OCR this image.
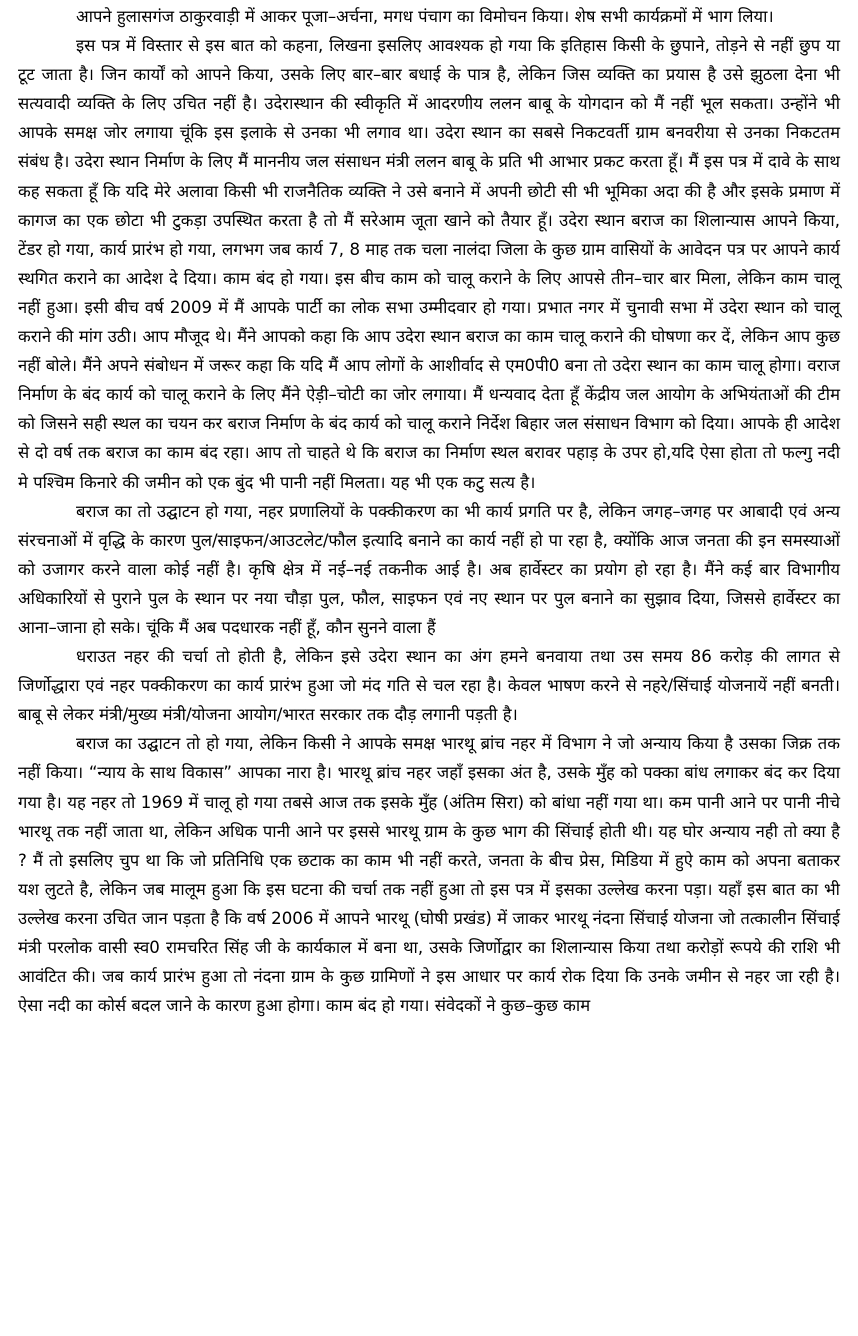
आपने हुलासगंज ठाकुरवाड़ी में आकर पूजा–अर्चना, मगध पंचाग का विमोचन किया। शेष सभी कार्यक्रमों में भाग लिया।

इस पत्र में विस्तार से इस बात को कहना, लिखना इसलिए आवश्यक हो गया कि इतिहास किसी के छुपाने, तोड़ने से नहीं छुप या टूट जाता है। जिन कार्यों को आपने किया, उसके लिए बार–बार बधाई के पात्र है, लेकिन जिस व्यक्ति का प्रयास है उसे झुठला देना भी सत्यवादी व्यक्ति के लिए उचित नहीं है। उदेरास्थान की स्वीकृति में आदरणीय ललन बाबू के योगदान को मैं नहीं भूल सकता। उन्होंने भी आपके समक्ष जोर लगाया चूंकि इस इलाके से उनका भी लगाव था। उदेरा स्थान का सबसे निकटवर्ती ग्राम बनवरीया से उनका निकटतम संबंध है। उदेरा स्थान निर्माण के लिए मैं माननीय जल संसाधन मंत्री ललन बाबू के प्रति भी आभार प्रकट करता हूँ। मैं इस पत्र में दावे के साथ कह सकता हूँ कि यदि मेरे अलावा किसी भी राजनैतिक व्यक्ति ने उसे बनाने में अपनी छोटी सी भी भूमिका अदा की है और इसके प्रमाण में कागज का एक छोटा भी टुकड़ा उपस्थित करता है तो मैं सरेआम जूता खाने को तैयार हूँ। उदेरा स्थान बराज का शिलान्यास आपने किया, टेंडर हो गया, कार्य प्रारंभ हो गया, लगभग जब कार्य 7, 8 माह तक चला नालंदा जिला के कुछ ग्राम वासियों के आवेदन पत्र पर आपने कार्य स्थगित कराने का आदेश दे दिया। काम बंद हो गया। इस बीच काम को चालू कराने के लिए आपसे तीन–चार बार मिला, लेकिन काम चालू नहीं हुआ। इसी बीच वर्ष 2009 में मैं आपके पार्टी का लोक सभा उम्मीदवार हो गया। प्रभात नगर में चुनावी सभा में उदेरा स्थान को चालू कराने की मांग उठी। आप मौजूद थे। मैंने आपको कहा कि आप उदेरा स्थान बराज का काम चालू कराने की घोषणा कर दें, लेकिन आप कुछ नहीं बोले। मैंने अपने संबोधन में जरूर कहा कि यदि मैं आप लोगों के आशीर्वाद से एम0पी0 बना तो उदेरा स्थान का काम चालू होगा। वराज निर्माण के बंद कार्य को चालू कराने के लिए मैंने ऐड़ी–चोटी का जोर लगाया। मैं धन्यवाद देता हूँ केंद्रीय जल आयोग के अभियंताओं की टीम को जिसने सही स्थल का चयन कर बराज निर्माण के बंद कार्य को चालू कराने निर्देश बिहार जल संसाधन विभाग को दिया। आपके ही आदेश से दो वर्ष तक बराज का काम बंद रहा। आप तो चाहते थे कि बराज का निर्माण स्थल बरावर पहाड़ के उपर हो,यदि ऐसा होता तो फल्गु नदी मे पश्चिम किनारे की जमीन को एक बुंद भी पानी नहीं मिलता। यह भी एक कटु सत्य है।

बराज का तो उद्घाटन हो गया, नहर प्रणालियों के पक्कीकरण का भी कार्य प्रगति पर है, लेकिन जगह–जगह पर आबादी एवं अन्य संरचनाओं में वृद्धि के कारण पुल/साइफन/आउटलेट/फौल इत्यादि बनाने का कार्य नहीं हो पा रहा है, क्योंकि आज जनता की इन समस्याओं को उजागर करने वाला कोई नहीं है। कृषि क्षेत्र में नई–नई तकनीक आई है। अब हार्वेस्टर का प्रयोग हो रहा है। मैंने कई बार विभागीय अधिकारियों से पुराने पुल के स्थान पर नया चौड़ा पुल, फौल, साइफन एवं नए स्थान पर पुल बनाने का सुझाव दिया, जिससे हार्वेस्टर का आना–जाना हो सके। चूंकि मैं अब पदधारक नहीं हूँ, कौन सुनने वाला हैं

धराउत नहर की चर्चा तो होती है, लेकिन इसे उदेरा स्थान का अंग हमने बनवाया तथा उस समय 86 करोड़ की लागत से जिर्णोद्धारा एवं नहर पक्कीकरण का कार्य प्रारंभ हुआ जो मंद गति से चल रहा है। केवल भाषण करने से नहरे/सिंचाई योजनायें नहीं बनती। बाबू से लेकर मंत्री/मुख्य मंत्री/योजना आयोग/भारत सरकार तक दौड़ लगानी पड़ती है।

बराज का उद्घाटन तो हो गया, लेकिन किसी ने आपके समक्ष भारथू ब्रांच नहर में विभाग ने जो अन्याय किया है उसका जिक्र तक नहीं किया। “न्याय के साथ विकास” आपका नारा है। भारथू ब्रांच नहर जहाँ इसका अंत है, उसके मुँह को पक्का बांध लगाकर बंद कर दिया गया है। यह नहर तो 1969 में चालू हो गया तबसे आज तक इसके मुँह (अंतिम सिरा) को बांधा नहीं गया था। कम पानी आने पर पानी नीचे भारथू तक नहीं जाता था, लेकिन अधिक पानी आने पर इससे भारथू ग्राम के कुछ भाग की सिंचाई होती थी। यह घोर अन्याय नही तो क्या है ? मैं तो इसलिए चुप था कि जो प्रतिनिधि एक छटाक का काम भी नहीं करते, जनता के बीच प्रेस, मिडिया में हुऐ काम को अपना बताकर यश लुटते है, लेकिन जब मालूम हुआ कि इस घटना की चर्चा तक नहीं हुआ तो इस पत्र में इसका उल्लेख करना पड़ा। यहाँ इस बात का भी उल्लेख करना उचित जान पड़ता है कि वर्ष 2006 में आपने भारथू (घोषी प्रखंड) में जाकर भारथू नंदना सिंचाई योजना जो तत्कालीन सिंचाई मंत्री परलोक वासी स्व0 रामचरित सिंह जी के कार्यकाल में बना था, उसके जिर्णोद्वार का शिलान्यास किया तथा करोड़ों रूपये की राशि भी आवंटित की। जब कार्य प्रारंभ हुआ तो नंदना ग्राम के कुछ ग्रामिणों ने इस आधार पर कार्य रोक दिया कि उनके जमीन से नहर जा रही है। ऐसा नदी का कोर्स बदल जाने के कारण हुआ होगा। काम बंद हो गया। संवेदकों ने कुछ–कुछ काम
